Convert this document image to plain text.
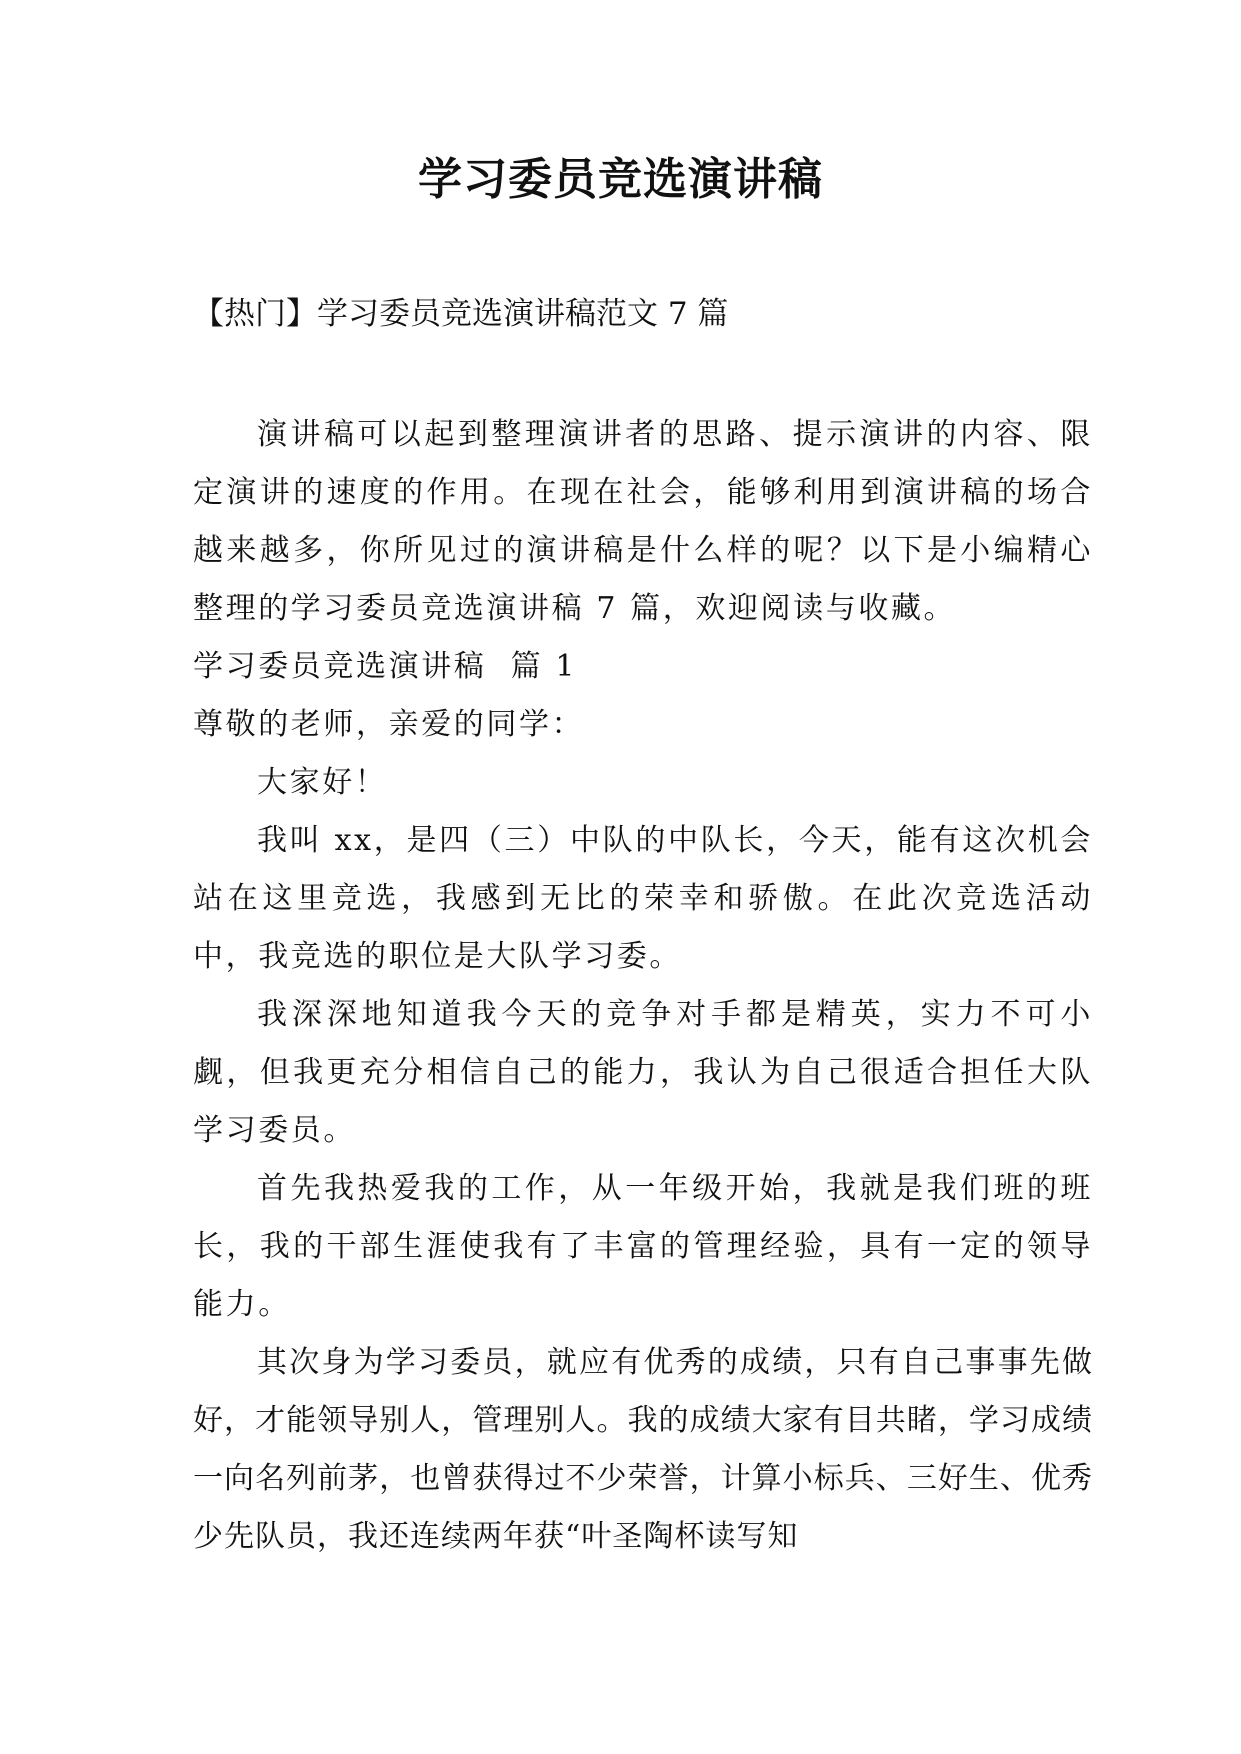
学习委员竞选演讲稿

【热门】学习委员竞选演讲稿范文 7 篇

演讲稿可以起到整理演讲者的思路、提示演讲的内容、限定演讲的速度的作用。在现在社会，能够利用到演讲稿的场合越来越多，你所见过的演讲稿是什么样的呢？以下是小编精心整理的学习委员竞选演讲稿 7 篇，欢迎阅读与收藏。

学习委员竞选演讲稿  篇 1

尊敬的老师，亲爱的同学：

大家好！

我叫 xx，是四（三）中队的中队长，今天，能有这次机会站在这里竞选，我感到无比的荣幸和骄傲。在此次竞选活动中，我竞选的职位是大队学习委。

我深深地知道我今天的竞争对手都是精英，实力不可小觑，但我更充分相信自己的能力，我认为自己很适合担任大队学习委员。

首先我热爱我的工作，从一年级开始，我就是我们班的班长，我的干部生涯使我有了丰富的管理经验，具有一定的领导能力。

其次身为学习委员，就应有优秀的成绩，只有自己事事先做好，才能领导别人，管理别人。我的成绩大家有目共睹，学习成绩一向名列前茅，也曾获得过不少荣誉，计算小标兵、三好生、优秀少先队员，我还连续两年获“叶圣陶杯读写知
